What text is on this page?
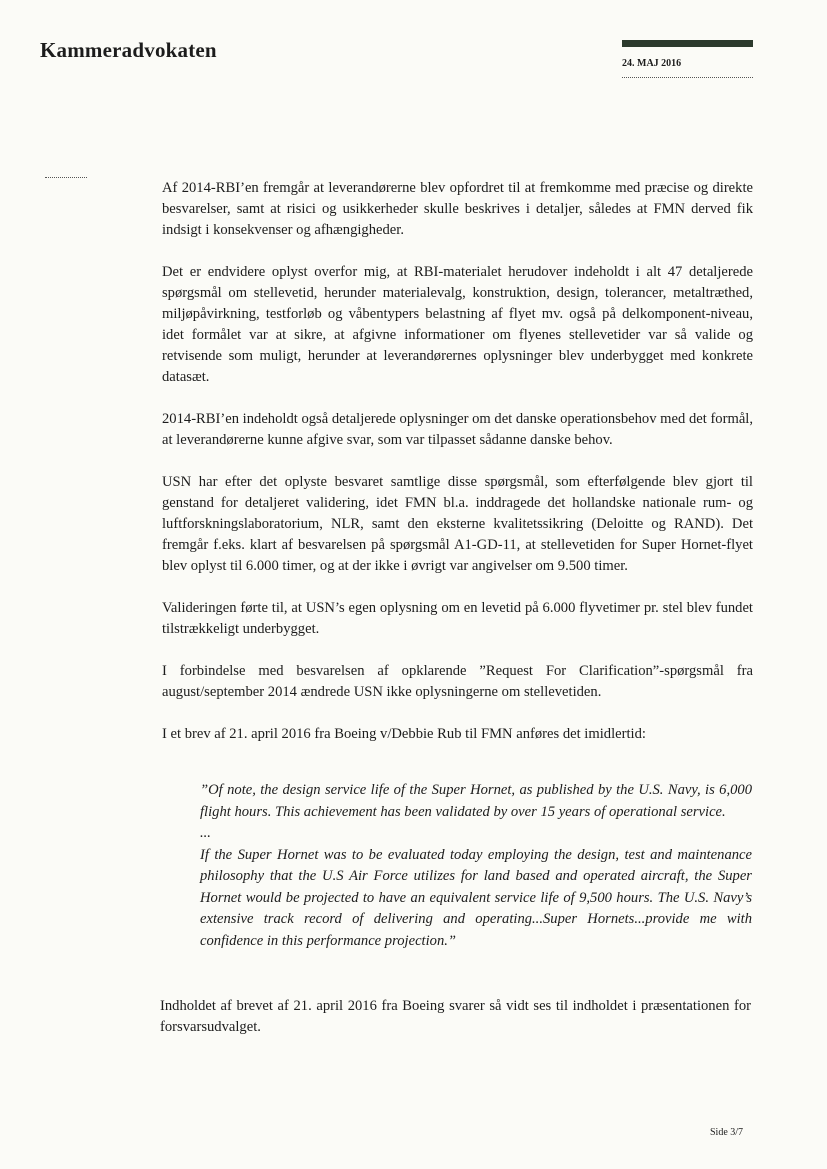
Kammeradvokaten
24. MAJ 2016

Af 2014-RBI’en fremgår at leverandørerne blev opfordret til at fremkomme med præcise og direkte besvarelser, samt at risici og usikkerheder skulle beskrives i detaljer, således at FMN derved fik indsigt i konsekvenser og afhængigheder.

Det er endvidere oplyst overfor mig, at RBI-materialet herudover indeholdt i alt 47 detaljerede spørgsmål om stellevetid, herunder materialevalg, konstruktion, design, tolerancer, metaltræthed, miljøpåvirkning, testforløb og våbentypers belastning af flyet mv. også på delkomponent-niveau, idet formålet var at sikre, at afgivne informationer om flyenes stellevetider var så valide og retvisende som muligt, herunder at leverandørernes oplysninger blev underbygget med konkrete datasæt.

2014-RBI’en indeholdt også detaljerede oplysninger om det danske operationsbehov med det formål, at leverandørerne kunne afgive svar, som var tilpasset sådanne danske behov.

USN har efter det oplyste besvaret samtlige disse spørgsmål, som efterfølgende blev gjort til genstand for detaljeret validering, idet FMN bl.a. inddragede det hollandske nationale rum- og luftforskningslaboratorium, NLR, samt den eksterne kvalitetssikring (Deloitte og RAND). Det fremgår f.eks. klart af besvarelsen på spørgsmål A1-GD-11, at stellevetiden for Super Hornet-flyet blev oplyst til 6.000 timer, og at der ikke i øvrigt var angivelser om 9.500 timer.

Valideringen førte til, at USN’s egen oplysning om en levetid på 6.000 flyvetimer pr. stel blev fundet tilstrækkeligt underbygget.

I forbindelse med besvarelsen af opklarende ”Request For Clarification”-spørgsmål fra august/september 2014 ændrede USN ikke oplysningerne om stellevetiden.

I et brev af 21. april 2016 fra Boeing v/Debbie Rub til FMN anføres det imidlertid:

”Of note, the design service life of the Super Hornet, as published by the U.S. Navy, is 6,000 flight hours. This achievement has been validated by over 15 years of operational service.

...

If the Super Hornet was to be evaluated today employing the design, test and maintenance philosophy that the U.S Air Force utilizes for land based and operated aircraft, the Super Hornet would be projected to have an equivalent service life of 9,500 hours. The U.S. Navy’s extensive track record of delivering and operating...Super Hornets...provide me with confidence in this performance projection.”

Indholdet af brevet af 21. april 2016 fra Boeing svarer så vidt ses til indholdet i præsentationen for forsvarsudvalget.

Side 3/7
